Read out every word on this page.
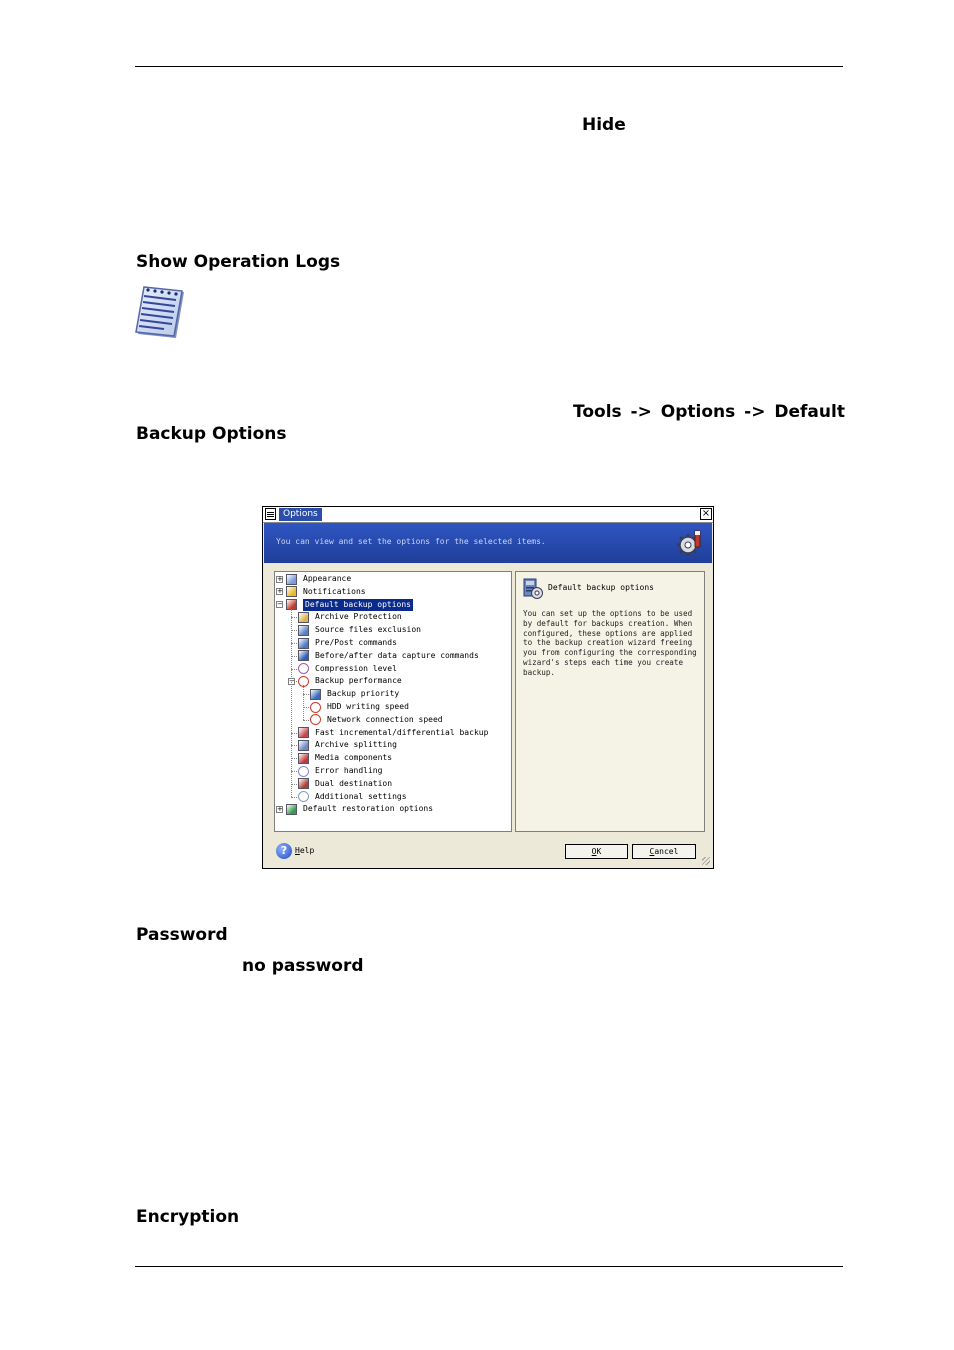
Hide
Show Operation Logs
Tools -> Options -> Default
Backup Options
Options	×
You can view and set the options for the selected items.
Appearance
+
Notifications
+
Default backup options
−
Archive Protection
Source files exclusion
Pre/Post commands
Before/after data capture commands
Compression level
Backup performance
−
Backup priority
HDD writing speed
Network connection speed
Fast incremental/differential backup
Archive splitting
Media components
Error handling
Dual destination
Additional settings
Default restoration options
+
Default backup options
You can set up the options to be used by default for backups creation. When configured, these options are applied to the backup creation wizard freeing you from configuring the corresponding wizard's steps each time you create backup.
? Help	OK	Cancel
Password
no password
Encryption
